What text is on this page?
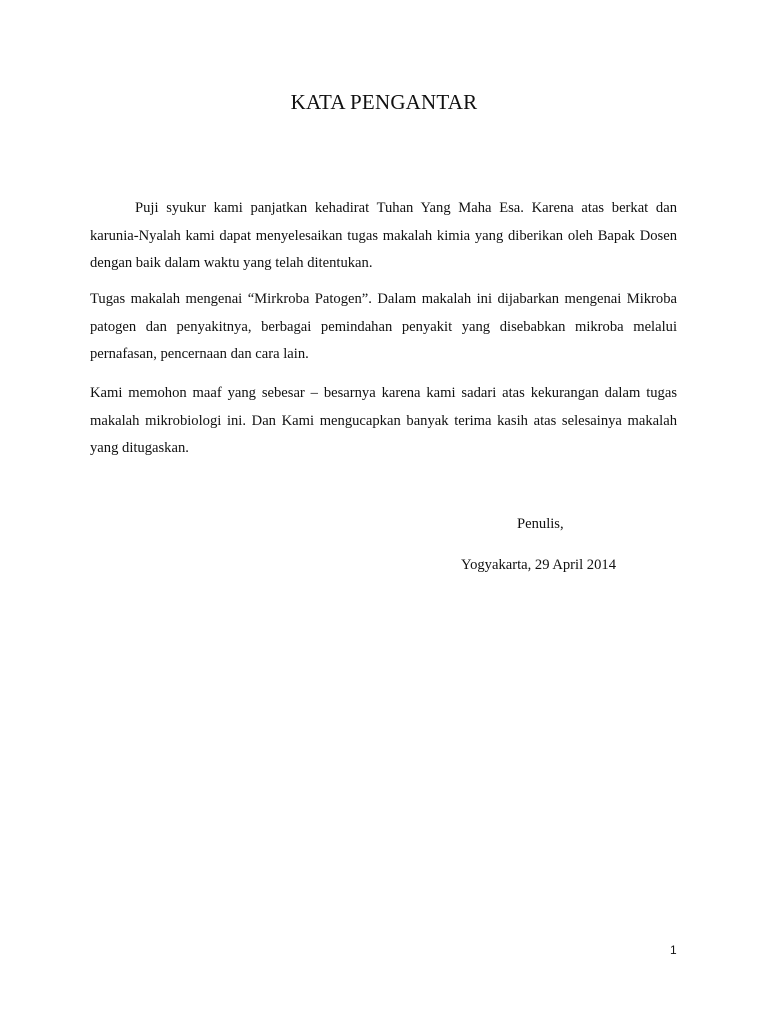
KATA PENGANTAR

Puji syukur kami panjatkan kehadirat Tuhan Yang Maha Esa. Karena atas berkat dan karunia-Nyalah kami dapat menyelesaikan tugas makalah kimia yang diberikan oleh Bapak Dosen dengan baik dalam waktu yang telah ditentukan.

Tugas makalah mengenai “Mirkroba Patogen”. Dalam makalah ini dijabarkan mengenai Mikroba patogen dan penyakitnya, berbagai pemindahan penyakit yang disebabkan mikroba melalui pernafasan, pencernaan dan cara lain.

Kami memohon maaf yang sebesar – besarnya karena kami sadari atas kekurangan dalam tugas makalah mikrobiologi ini. Dan Kami mengucapkan banyak terima kasih atas selesainya makalah yang ditugaskan.

Penulis,

Yogyakarta, 29 April 2014

1
